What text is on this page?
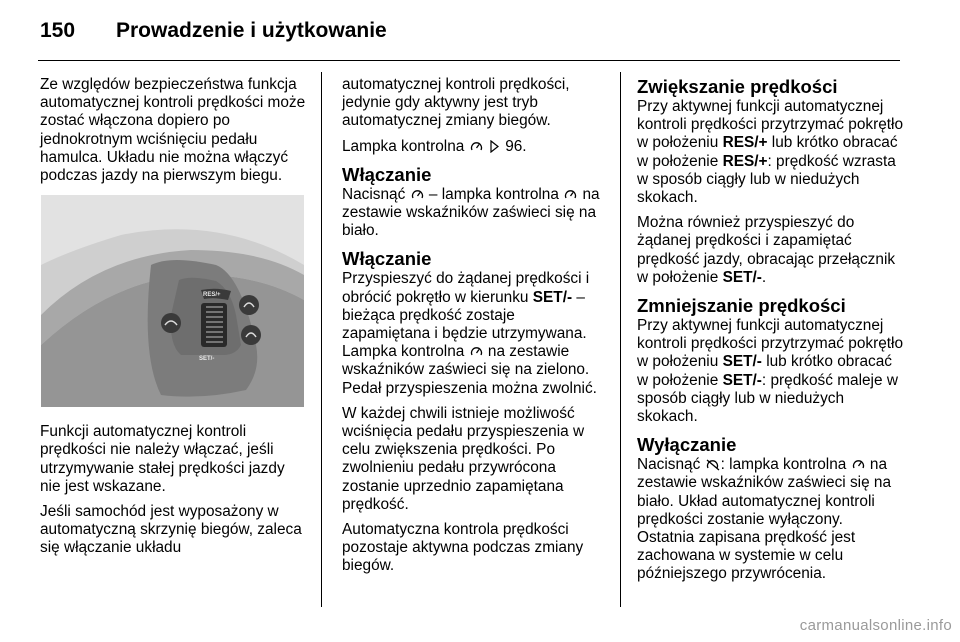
150 Prowadzenie i użytkowanie

Ze względów bezpieczeństwa funkcja automatycznej kontroli prędkości może zostać włączona dopiero po jednokrotnym wciśnięciu pedału hamulca. Układu nie można włączyć podczas jazdy na pierwszym biegu.

RES/+
SET/-

Funkcji automatycznej kontroli prędkości nie należy włączać, jeśli utrzymywanie stałej prędkości jazdy nie jest wskazane.

Jeśli samochód jest wyposażony w automatyczną skrzynię biegów, zaleca się włączanie układu

automatycznej kontroli prędkości, jedynie gdy aktywny jest tryb automatycznej zmiany biegów.

Lampka kontrolna	96.

Włączanie

Nacisnąć – lampka kontrolna na zestawie wskaźników zaświeci się na biało.

Włączanie

Przyspieszyć do żądanej prędkości i obrócić pokrętło w kierunku SET/- – bieżąca prędkość zostaje zapamiętana i będzie utrzymywana. Lampka kontrolna na zestawie wskaźników zaświeci się na zielono. Pedał przyspieszenia można zwolnić.

W każdej chwili istnieje możliwość wciśnięcia pedału przyspieszenia w celu zwiększenia prędkości. Po zwolnieniu pedału przywrócona zostanie uprzednio zapamiętana prędkość.

Automatyczna kontrola prędkości pozostaje aktywna podczas zmiany biegów.

Zwiększanie prędkości

Przy aktywnej funkcji automatycznej kontroli prędkości przytrzymać pokrętło w położeniu RES/+ lub krótko obracać w położenie RES/+: prędkość wzrasta w sposób ciągły lub w niedużych skokach.

Można również przyspieszyć do żądanej prędkości i zapamiętać prędkość jazdy, obracając przełącznik w położenie SET/-.

Zmniejszanie prędkości

Przy aktywnej funkcji automatycznej kontroli prędkości przytrzymać pokrętło w położeniu SET/- lub krótko obracać w położenie SET/-: prędkość maleje w sposób ciągły lub w niedużych skokach.

Wyłączanie

Nacisnąć : lampka kontrolna na zestawie wskaźników zaświeci się na biało. Układ automatycznej kontroli prędkości zostanie wyłączony. Ostatnia zapisana prędkość jest zachowana w systemie w celu późniejszego przywrócenia.

carmanualsonline.info
